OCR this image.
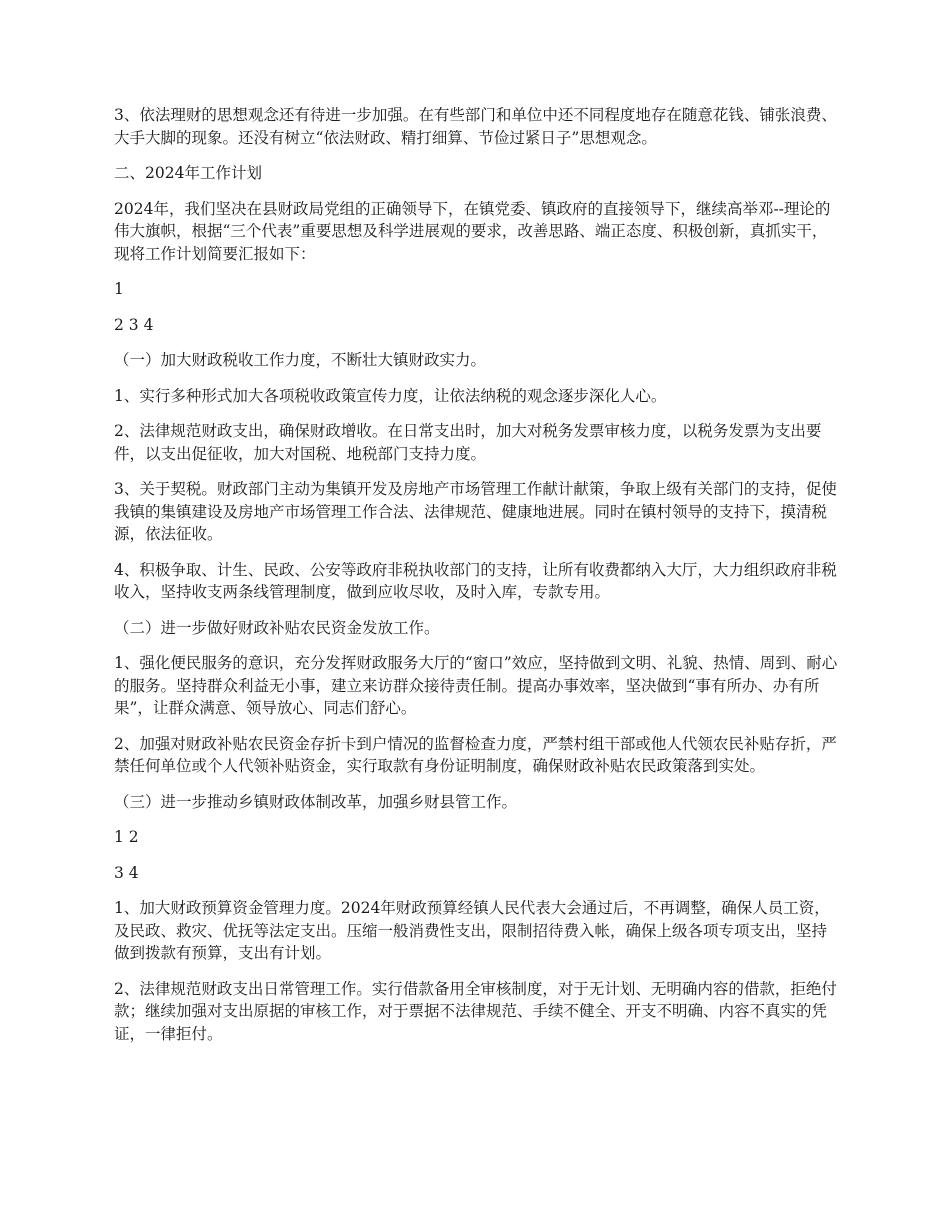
3、依法理财的思想观念还有待进一步加强。在有些部门和单位中还不同程度地存在随意花钱、铺张浪费、大手大脚的现象。还没有树立“依法财政、精打细算、节俭过紧日子”思想观念。

二、2024年工作计划

2024年，我们坚决在县财政局党组的正确领导下，在镇党委、镇政府的直接领导下，继续高举邓--理论的伟大旗帜，根据“三个代表”重要思想及科学进展观的要求，改善思路、端正态度、积极创新，真抓实干，现将工作计划简要汇报如下：

1

2 3 4

（一）加大财政税收工作力度，不断壮大镇财政实力。

1、实行多种形式加大各项税收政策宣传力度，让依法纳税的观念逐步深化人心。

2、法律规范财政支出，确保财政增收。在日常支出时，加大对税务发票审核力度，以税务发票为支出要件，以支出促征收，加大对国税、地税部门支持力度。

3、关于契税。财政部门主动为集镇开发及房地产市场管理工作献计献策，争取上级有关部门的支持，促使我镇的集镇建设及房地产市场管理工作合法、法律规范、健康地进展。同时在镇村领导的支持下，摸清税源，依法征收。

4、积极争取、计生、民政、公安等政府非税执收部门的支持，让所有收费都纳入大厅，大力组织政府非税收入，坚持收支两条线管理制度，做到应收尽收，及时入库，专款专用。

（二）进一步做好财政补贴农民资金发放工作。

1、强化便民服务的意识，充分发挥财政服务大厅的“窗口”效应，坚持做到文明、礼貌、热情、周到、耐心的服务。坚持群众利益无小事，建立来访群众接待责任制。提高办事效率，坚决做到“事有所办、办有所果”，让群众满意、领导放心、同志们舒心。

2、加强对财政补贴农民资金存折卡到户情况的监督检查力度，严禁村组干部或他人代领农民补贴存折，严禁任何单位或个人代领补贴资金，实行取款有身份证明制度，确保财政补贴农民政策落到实处。

（三）进一步推动乡镇财政体制改革，加强乡财县管工作。

1 2

3 4

1、加大财政预算资金管理力度。2024年财政预算经镇人民代表大会通过后，不再调整，确保人员工资，及民政、救灾、优抚等法定支出。压缩一般消费性支出，限制招待费入帐，确保上级各项专项支出，坚持做到拨款有预算，支出有计划。

2、法律规范财政支出日常管理工作。实行借款备用全审核制度，对于无计划、无明确内容的借款，拒绝付款；继续加强对支出原据的审核工作，对于票据不法律规范、手续不健全、开支不明确、内容不真实的凭证，一律拒付。
